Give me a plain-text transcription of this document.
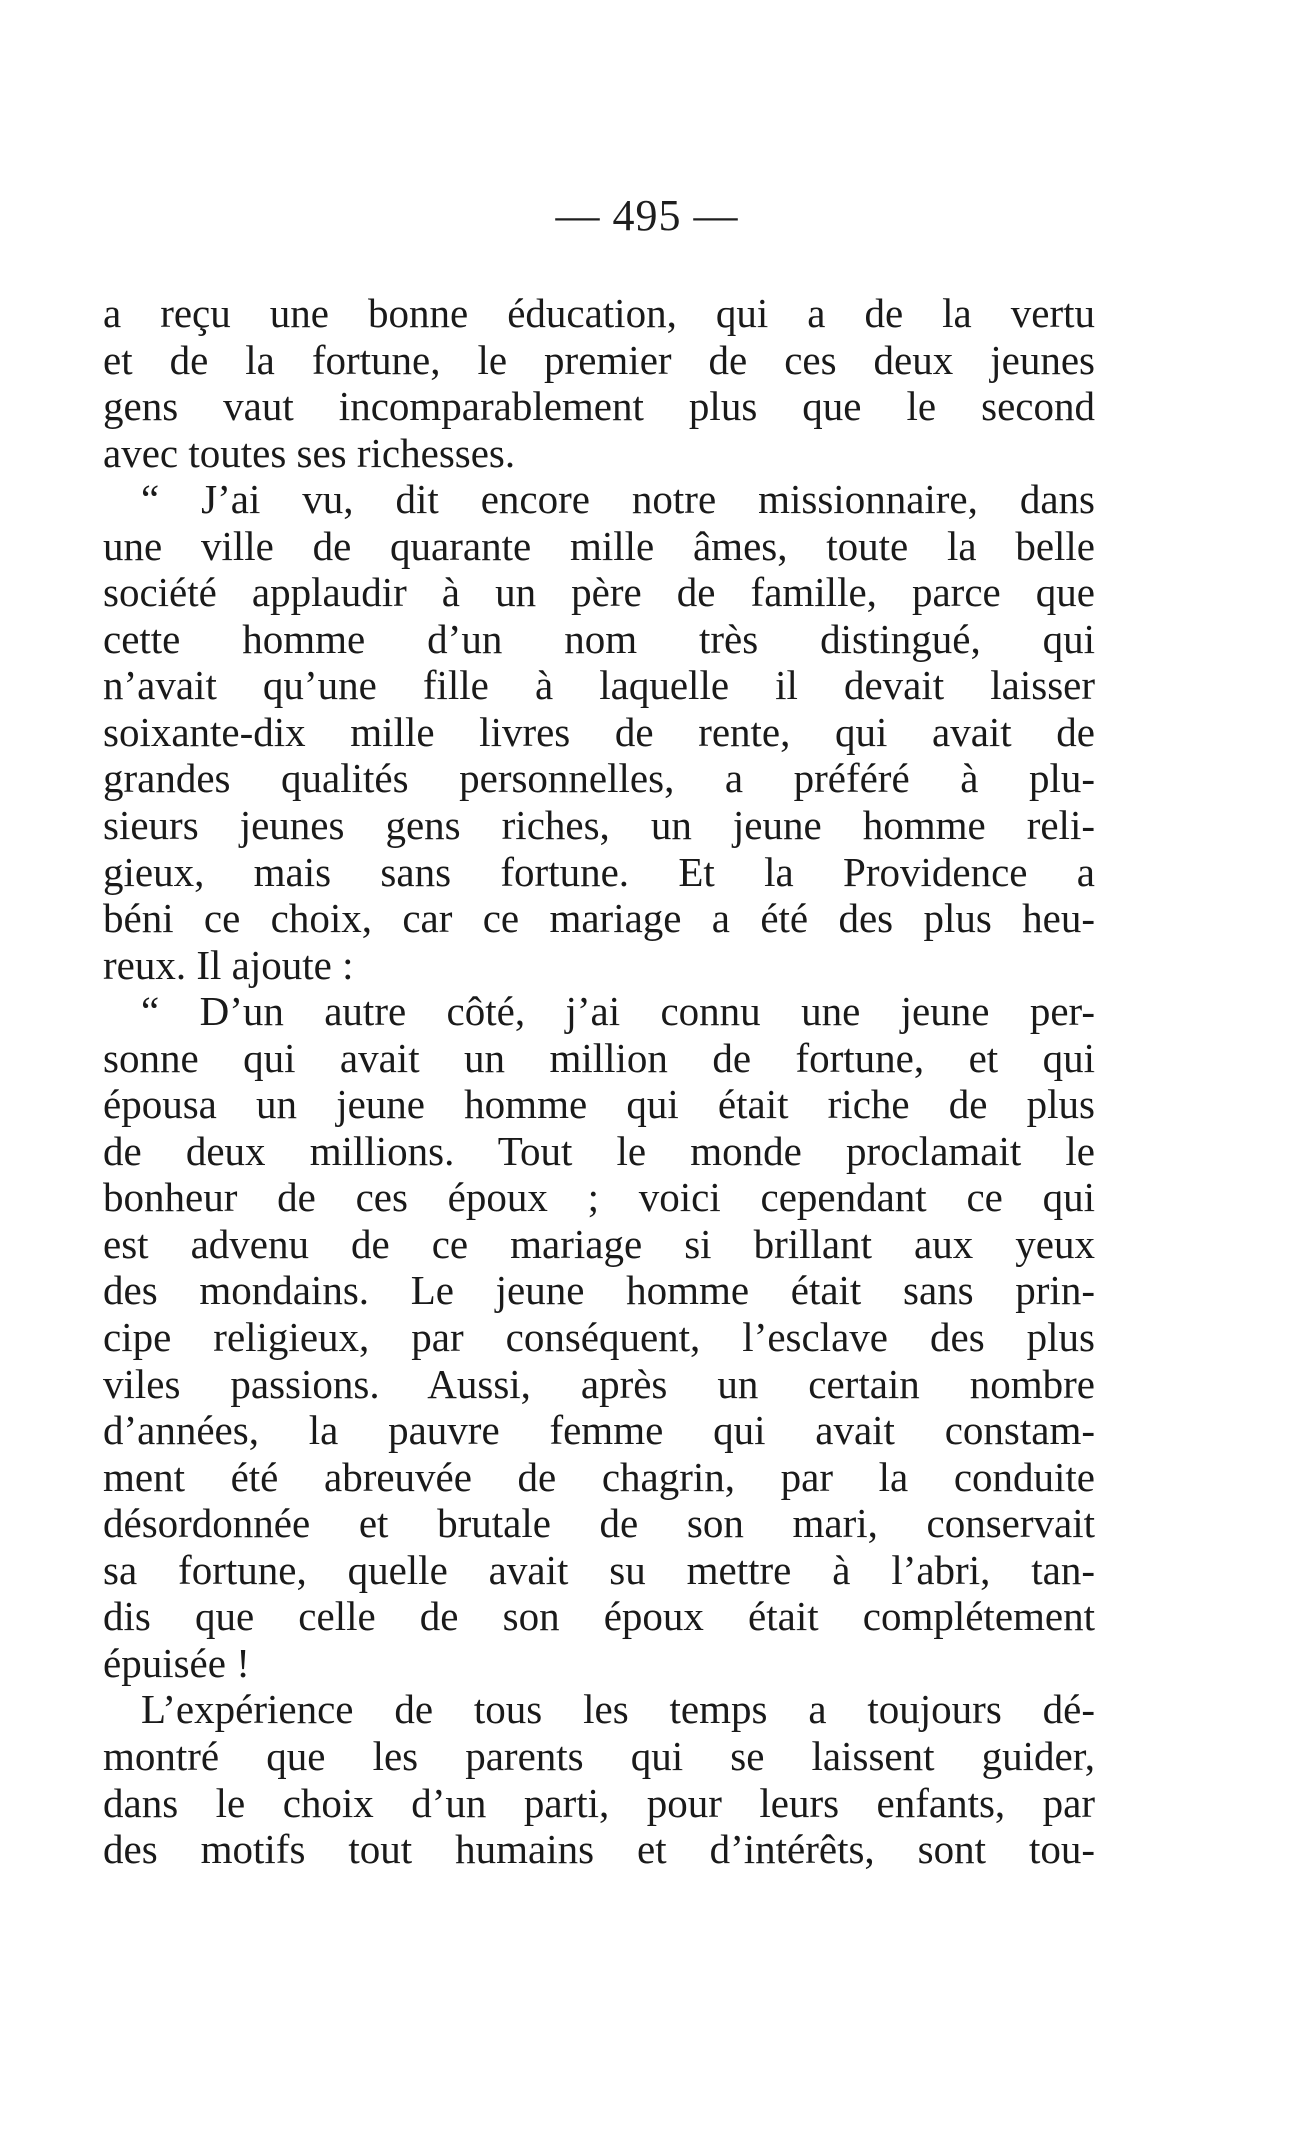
— 495 —
a reçu une bonne éducation, qui a de la vertu
et de la fortune, le premier de ces deux jeunes
gens vaut incomparablement plus que le second
avec toutes ses richesses.
“ J’ai vu, dit encore notre missionnaire, dans
une ville de quarante mille âmes, toute la belle
société applaudir à un père de famille, parce que
cette homme d’un nom très distingué, qui
n’avait qu’une fille à laquelle il devait laisser
soixante-dix mille livres de rente, qui avait de
grandes qualités personnelles, a préféré à plu-
sieurs jeunes gens riches, un jeune homme reli-
gieux, mais sans fortune. Et la Providence a
béni ce choix, car ce mariage a été des plus heu-
reux. Il ajoute :
“ D’un autre côté, j’ai connu une jeune per-
sonne qui avait un million de fortune, et qui
épousa un jeune homme qui était riche de plus
de deux millions. Tout le monde proclamait le
bonheur de ces époux ; voici cependant ce qui
est advenu de ce mariage si brillant aux yeux
des mondains. Le jeune homme était sans prin-
cipe religieux, par conséquent, l’esclave des plus
viles passions. Aussi, après un certain nombre
d’années, la pauvre femme qui avait constam-
ment été abreuvée de chagrin, par la conduite
désordonnée et brutale de son mari, conservait
sa fortune, quelle avait su mettre à l’abri, tan-
dis que celle de son époux était complétement
épuisée !
L’expérience de tous les temps a toujours dé-
montré que les parents qui se laissent guider,
dans le choix d’un parti, pour leurs enfants, par
des motifs tout humains et d’intérêts, sont tou-
